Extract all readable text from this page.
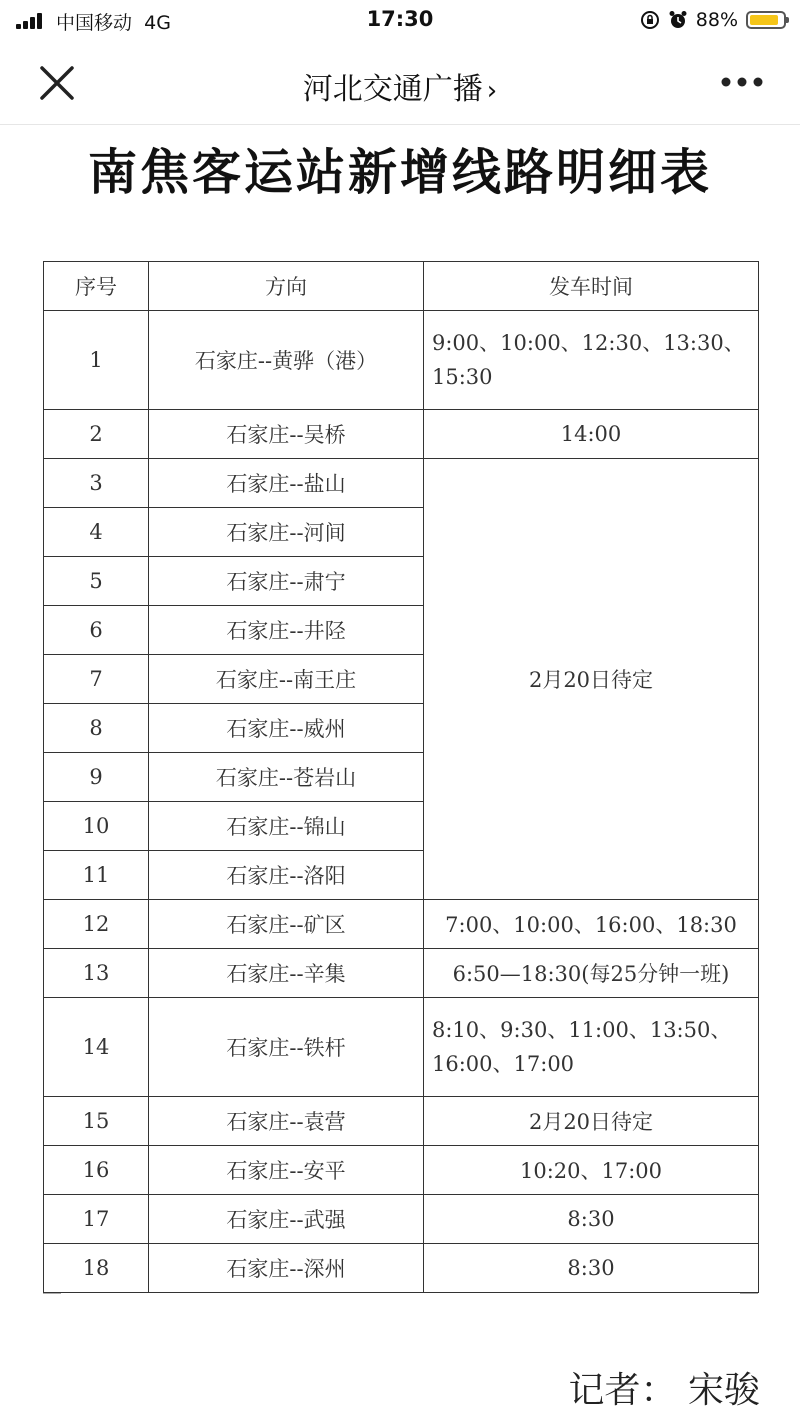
中国移动 4G	17:30	88%
河北交通广播 ›
南焦客运站新增线路明细表
序号	方向	发车时间
1	石家庄--黄骅（港）	9:00、10:00、12:30、13:30、15:30
2	石家庄--吴桥	14:00
3	石家庄--盐山	2月20日待定
4	石家庄--河间	
5	石家庄--肃宁	
6	石家庄--井陉	
7	石家庄--南王庄	
8	石家庄--威州	
9	石家庄--苍岩山	
10	石家庄--锦山	
11	石家庄--洛阳	
12	石家庄--矿区	7:00、10:00、16:00、18:30
13	石家庄--辛集	6:50—18:30(每25分钟一班)
14	石家庄--铁杆	8:10、9:30、11:00、13:50、16:00、17:00
15	石家庄--袁营	2月20日待定
16	石家庄--安平	10:20、17:00
17	石家庄--武强	8:30
18	石家庄--深州	8:30
记者： 宋骏
